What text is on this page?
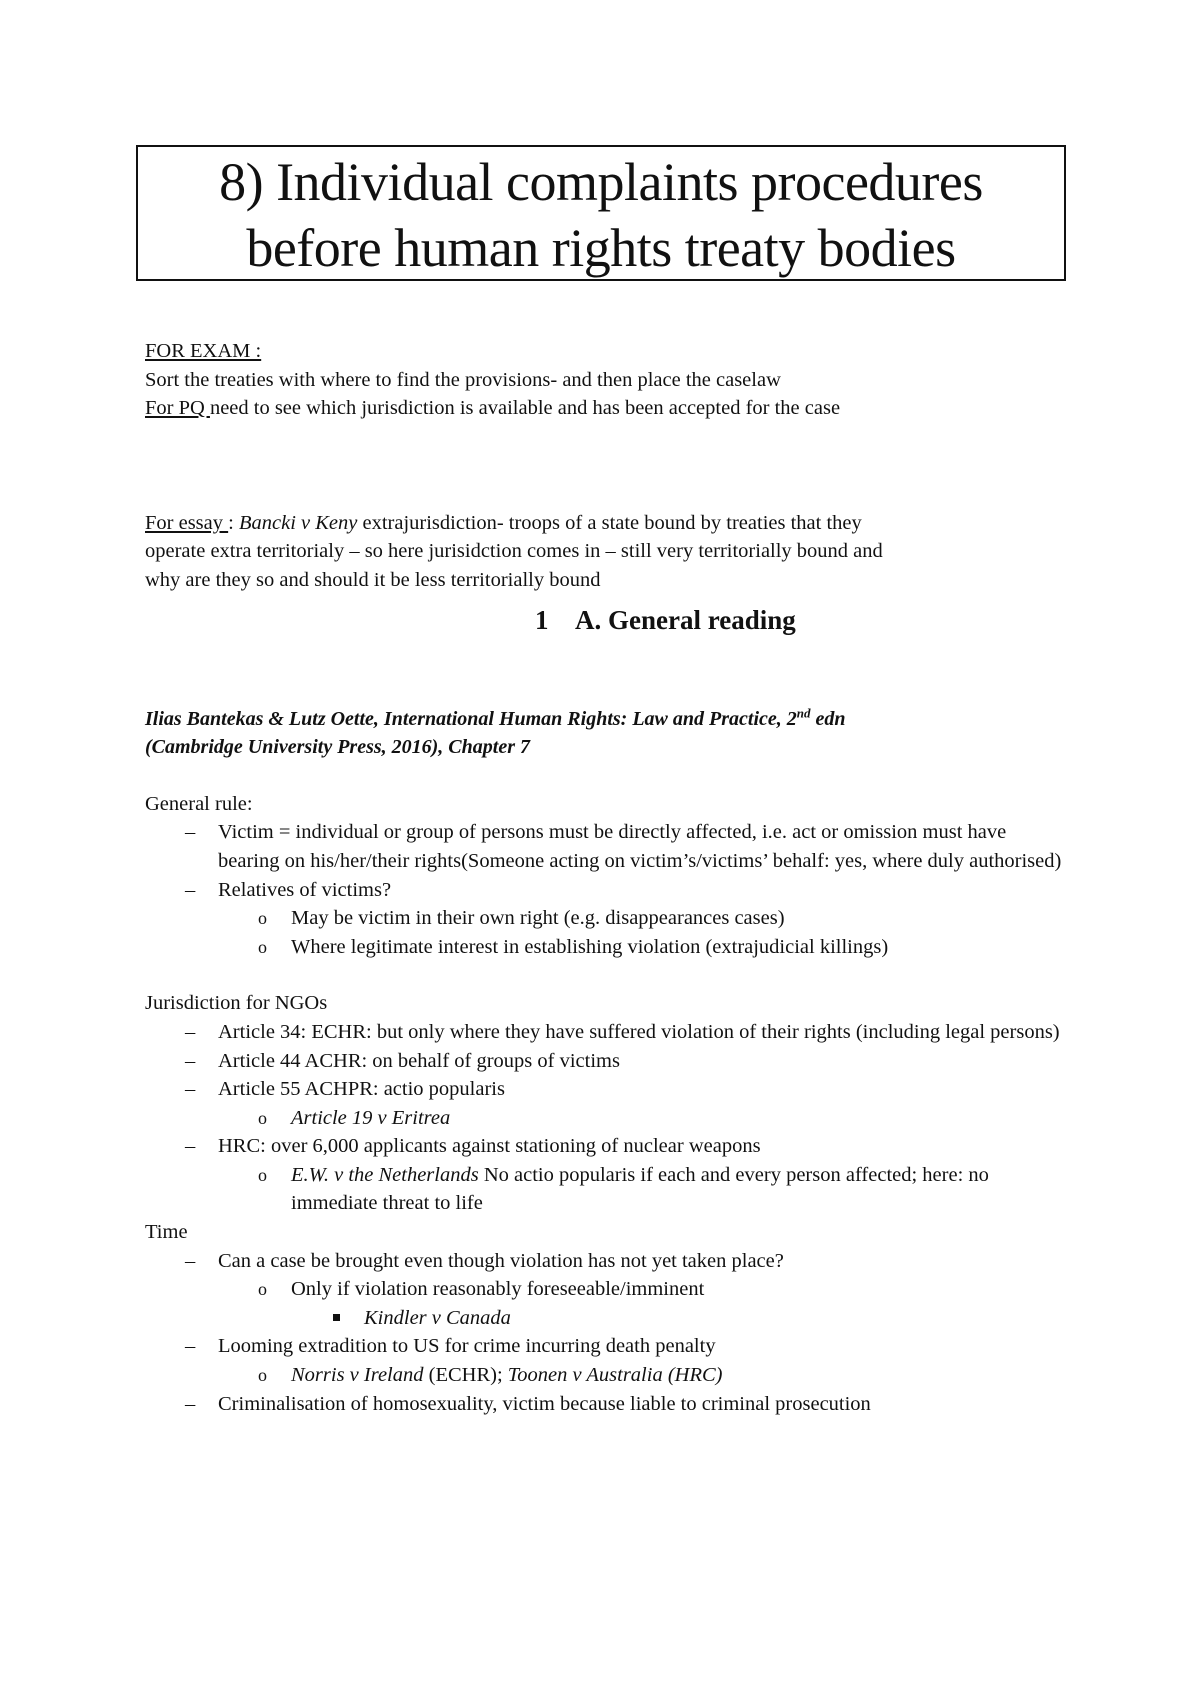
8) Individual complaints procedures
before human rights treaty bodies

FOR EXAM :

Sort the treaties with where to find the provisions- and then place the caselaw

For PQ need to see which jurisdiction is available and has been accepted for the case

For essay : Bancki v Keny extrajurisdiction- troops of a state bound by treaties that they

operate extra territorialy – so here jurisidction comes in – still very territorially bound and

why are they so and should it be less territorially bound

1 A. General reading

Ilias Bantekas & Lutz Oette, International Human Rights: Law and Practice, 2nd edn

(Cambridge University Press, 2016), Chapter 7

General rule:

– Victim = individual or group of persons must be directly affected, i.e. act or omission must have bearing on his/her/their rights(Someone acting on victim’s/victims’ behalf: yes, where duly authorised)
– Relatives of victims?
o May be victim in their own right (e.g. disappearances cases)
o Where legitimate interest in establishing violation (extrajudicial killings)

Jurisdiction for NGOs

– Article 34: ECHR: but only where they have suffered violation of their rights (including legal persons)
– Article 44 ACHR: on behalf of groups of victims
– Article 55 ACHPR: actio popularis
o Article 19 v Eritrea
– HRC: over 6,000 applicants against stationing of nuclear weapons
o E.W. v the Netherlands No actio popularis if each and every person affected; here: no immediate threat to life

Time

– Can a case be brought even though violation has not yet taken place?
o Only if violation reasonably foreseeable/imminent
Kindler v Canada
– Looming extradition to US for crime incurring death penalty
o Norris v Ireland (ECHR); Toonen v Australia (HRC)
– Criminalisation of homosexuality, victim because liable to criminal prosecution
